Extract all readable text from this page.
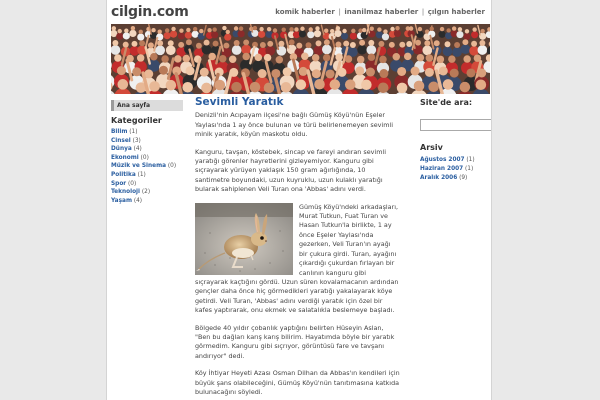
cilgin.com	komik haberler | inanilmaz haberler | çılgın haberler
Ana sayfa
Kategoriler
Bilim (1)
Cinsel (3)
Dünya (4)
Ekonomi (0)
Müzik ve Sinema (0)
Politika (1)
Spor (0)
Teknoloji (2)
Yaşam (4)
Sevimli Yaratık

Denizli'nin Acıpayam ilçesi'ne bağlı Gümüş Köyü'nün Eşeler Yaylası'nda 1 ay önce bulunan ve türü belirlenemeyen sevimli minik yaratık, köyün maskotu oldu.

Kanguru, tavşan, köstebek, sincap ve fareyi andıran sevimli yaratığı görenler hayretlerini gizleyemiyor. Kanguru gibi sıçrayarak yürüyen yaklaşık 150 gram ağırlığında, 10 santimetre boyundaki, uzun kuyruklu, uzun kulaklı yaratığı bularak sahiplenen Veli Turan ona 'Abbas' adını verdi.

Gümüş Köyü'ndeki arkadaşları, Murat Tutkun, Fuat Turan ve Hasan Tutkun'la birlikte, 1 ay önce Eşeler Yaylası'nda gezerken, Veli Turan'ın ayağı bir çukura girdi. Turan, ayağını çıkardığı çukurdan fırlayan bir canlının kanguru gibi sıçrayarak kaçtığını gördü. Uzun süren kovalamacanın ardından gençler daha önce hiç görmedikleri yaratığı yakalayarak köye getirdi. Veli Turan, 'Abbas' adını verdiği yaratık için özel bir kafes yaptırarak, onu ekmek ve salatalıkla beslemeye başladı.

Bölgede 40 yıldır çobanlık yaptığını belirten Hüseyin Aslan, "Ben bu dağları karış karış bilirim. Hayatımda böyle bir yaratık görmedim. Kanguru gibi sıçrıyor, görüntüsü fare ve tavşanı andırıyor" dedi.

Köy İhtiyar Heyeti Azası Osman Dilhan da Abbas'ın kendileri için büyük şans olabileceğini, Gümüş Köyü'nün tanıtımasına katkıda bulunacağını söyledi.

Site'de ara:
Arsiv
Ağustos 2007 (1)
Haziran 2007 (1)
Aralık 2006 (9)
